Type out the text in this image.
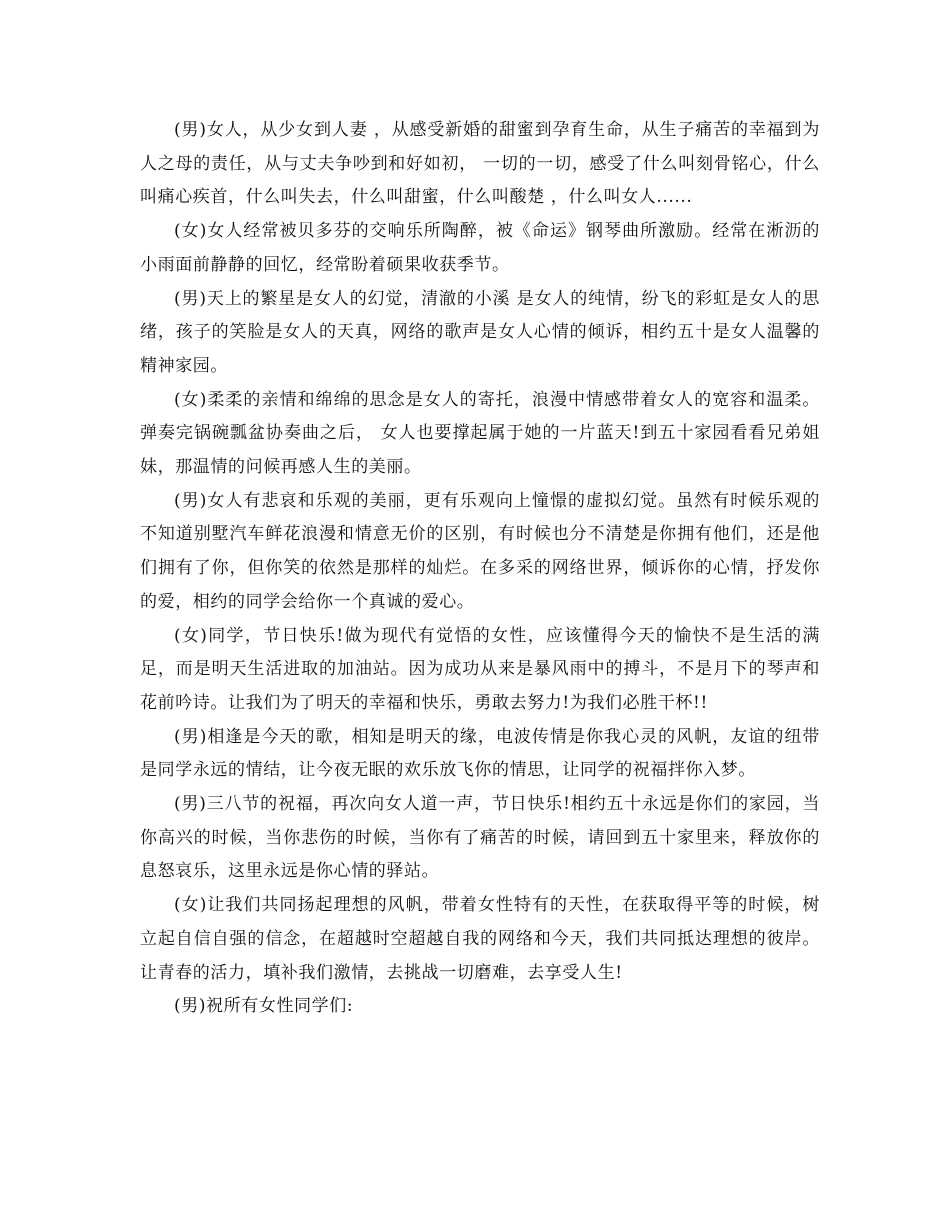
(男)女人，从少女到人妻 ，从感受新婚的甜蜜到孕育生命，从生子痛苦的幸福到为人之母的责任，从与丈夫争吵到和好如初， 一切的一切，感受了什么叫刻骨铭心，什么叫痛心疾首，什么叫失去，什么叫甜蜜，什么叫酸楚 ，什么叫女人......

(女)女人经常被贝多芬的交响乐所陶醉，被《命运》钢琴曲所激励。经常在淅沥的小雨面前静静的回忆，经常盼着硕果收获季节。

(男)天上的繁星是女人的幻觉，清澈的小溪 是女人的纯情，纷飞的彩虹是女人的思绪，孩子的笑脸是女人的天真，网络的歌声是女人心情的倾诉，相约五十是女人温馨的精神家园。

(女)柔柔的亲情和绵绵的思念是女人的寄托，浪漫中情感带着女人的宽容和温柔。弹奏完锅碗瓢盆协奏曲之后， 女人也要撑起属于她的一片蓝天!到五十家园看看兄弟姐妹，那温情的问候再感人生的美丽。

(男)女人有悲哀和乐观的美丽，更有乐观向上憧憬的虚拟幻觉。虽然有时候乐观的不知道别墅汽车鲜花浪漫和情意无价的区别，有时候也分不清楚是你拥有他们，还是他们拥有了你，但你笑的依然是那样的灿烂。在多采的网络世界，倾诉你的心情，抒发你的爱，相约的同学会给你一个真诚的爱心。

(女)同学，节日快乐!做为现代有觉悟的女性，应该懂得今天的愉快不是生活的满足，而是明天生活进取的加油站。因为成功从来是暴风雨中的搏斗，不是月下的琴声和花前吟诗。让我们为了明天的幸福和快乐，勇敢去努力!为我们必胜干杯!!

(男)相逢是今天的歌，相知是明天的缘，电波传情是你我心灵的风帆，友谊的纽带是同学永远的情结，让今夜无眠的欢乐放飞你的情思，让同学的祝福拌你入梦。

(男)三八节的祝福，再次向女人道一声，节日快乐!相约五十永远是你们的家园，当你高兴的时候，当你悲伤的时候，当你有了痛苦的时候，请回到五十家里来，释放你的息怒哀乐，这里永远是你心情的驿站。

(女)让我们共同扬起理想的风帆，带着女性特有的天性，在获取得平等的时候，树立起自信自强的信念，在超越时空超越自我的网络和今天，我们共同抵达理想的彼岸。让青春的活力，填补我们激情，去挑战一切磨难，去享受人生!

(男)祝所有女性同学们:
